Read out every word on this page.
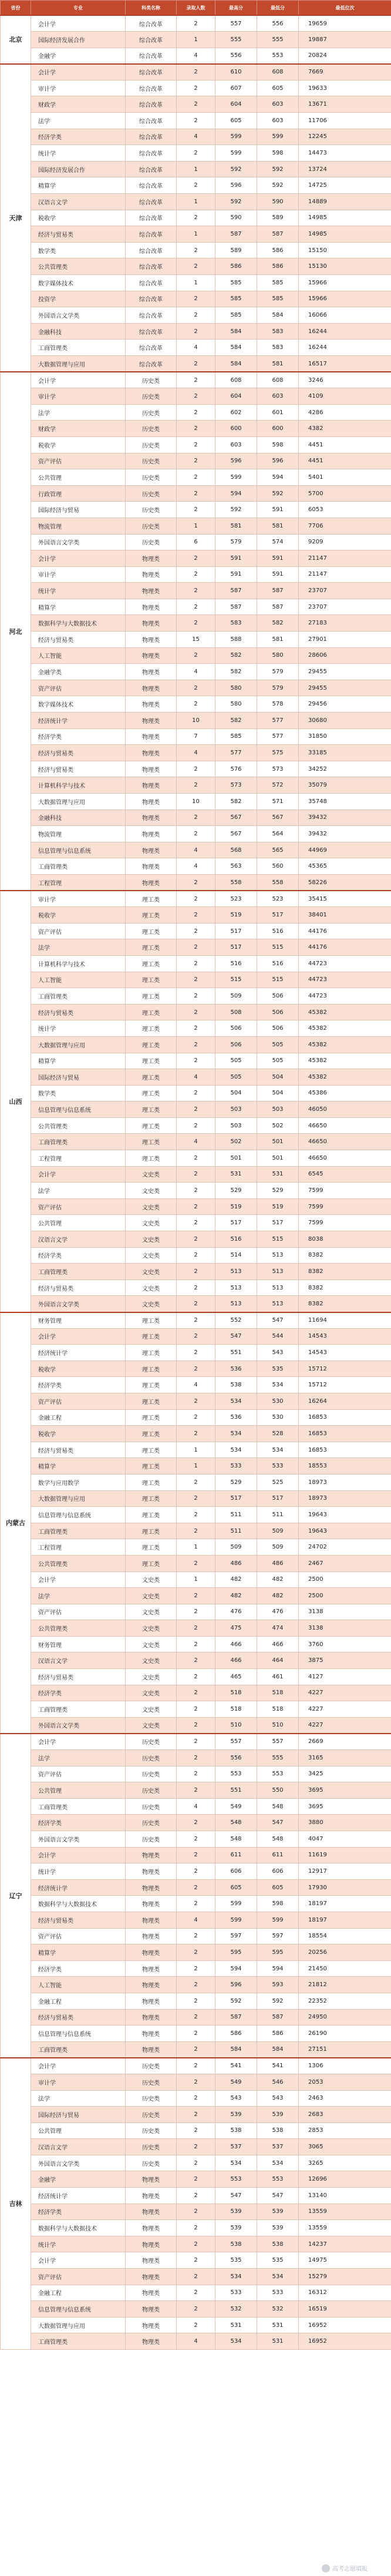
省份	专业	科类名称	录取人数	最高分	最低分	最低位次
北京	会计学	综合改革	2	557	556	19659
	国际经济发展合作	综合改革	1	555	555	19887
	金融学	综合改革	4	556	553	20824
天津	会计学	综合改革	2	610	608	7669
	审计学	综合改革	2	607	605	19633
	财政学	综合改革	2	604	603	13671
	法学	综合改革	2	605	603	11706
	经济学类	综合改革	4	599	599	12245
	统计学	综合改革	2	599	598	14473
	国际经济发展合作	综合改革	1	592	592	13724
	精算学	综合改革	2	596	592	14725
	汉语言文学	综合改革	1	592	590	14889
	税收学	综合改革	2	590	589	14985
	经济与贸易类	综合改革	1	587	587	14985
	数学类	综合改革	2	589	586	15150
	公共管理类	综合改革	2	586	586	15130
	数字媒体技术	综合改革	1	585	585	15966
	投资学	综合改革	2	585	585	15966
	外国语言文学类	综合改革	2	585	584	16066
	金融科技	综合改革	2	584	583	16244
	工商管理类	综合改革	4	584	583	16244
	大数据管理与应用	综合改革	2	584	581	16517
河北	会计学	历史类	2	608	608	3246
	审计学	历史类	2	604	603	4109
	法学	历史类	2	602	601	4286
	财政学	历史类	2	600	600	4382
	税收学	历史类	2	603	598	4451
	资产评估	历史类	2	596	596	4451
	公共管理	历史类	2	599	594	5401
	行政管理	历史类	2	594	592	5700
	国际经济与贸易	历史类	2	592	591	6053
	物流管理	历史类	1	581	581	7706
	外国语言文学类	历史类	6	579	574	9209
	会计学	物理类	2	591	591	21147
	审计学	物理类	2	591	591	21147
	统计学	物理类	2	587	587	23707
	精算学	物理类	2	587	587	23707
	数据科学与大数据技术	物理类	2	583	582	27183
	经济与贸易类	物理类	15	588	581	27901
	人工智能	物理类	2	582	580	28606
	金融学类	物理类	4	582	579	29455
	资产评估	物理类	2	580	579	29455
	数字媒体技术	物理类	2	580	578	29456
	经济统计学	物理类	10	582	577	30680
	经济学类	物理类	7	585	577	31850
	经济与贸易类	物理类	4	577	575	33185
	经济与贸易类	物理类	2	576	573	34252
	计算机科学与技术	物理类	2	573	572	35079
	大数据管理与应用	物理类	10	582	571	35748
	金融科技	物理类	2	567	567	39432
	物流管理	物理类	2	567	564	39432
	信息管理与信息系统	物理类	4	568	565	44969
	工商管理类	物理类	4	563	560	45365
	工程管理	物理类	2	558	558	58226
山西	审计学	理工类	2	523	523	35415
	税收学	理工类	2	519	517	38401
	资产评估	理工类	2	517	516	44176
	法学	理工类	2	517	515	44176
	计算机科学与技术	理工类	2	516	516	44723
	人工智能	理工类	2	515	515	44723
	工商管理类	理工类	2	509	506	44723
	经济与贸易类	理工类	2	508	506	45382
	统计学	理工类	2	506	506	45382
	大数据管理与应用	理工类	2	506	505	45382
	精算学	理工类	2	505	505	45382
	国际经济与贸易	理工类	4	505	504	45382
	数学类	理工类	2	504	504	45386
	信息管理与信息系统	理工类	2	503	503	46050
	公共管理类	理工类	2	503	502	46650
	工商管理类	理工类	4	502	501	46650
	工程管理	理工类	2	501	501	46650
	会计学	文史类	2	531	531	6545
	法学	文史类	2	529	529	7599
	资产评估	文史类	2	519	519	7599
	公共管理	文史类	2	517	517	7599
	汉语言文学	文史类	2	516	515	8038
	经济学类	文史类	2	514	513	8382
	工商管理类	文史类	2	513	513	8382
	经济与贸易类	文史类	2	513	513	8382
	外国语言文学类	文史类	2	513	513	8382
内蒙古	财务管理	理工类	2	552	547	11694
	会计学	理工类	2	547	544	14543
	经济统计学	理工类	2	551	543	14543
	税收学	理工类	2	536	535	15712
	经济学类	理工类	4	538	534	15712
	资产评估	理工类	2	534	530	16264
	金融工程	理工类	2	536	530	16853
	税收学	理工类	2	534	528	16853
	经济与贸易类	理工类	1	534	534	16853
	精算学	理工类	1	533	533	18553
	数学与应用数学	理工类	2	529	525	18973
	大数据管理与应用	理工类	2	517	517	18973
	信息管理与信息系统	理工类	2	511	511	19643
	工商管理类	理工类	2	511	509	19643
	工程管理	理工类	1	509	509	24702
	公共管理类	理工类	2	486	486	2467
	会计学	文史类	1	482	482	2500
	法学	文史类	2	482	482	2500
	资产评估	文史类	2	476	476	3138
	公共管理类	文史类	2	475	474	3138
	财务管理	文史类	2	466	466	3760
	汉语言文学	文史类	2	466	464	3875
	经济与贸易类	文史类	2	465	461	4127
	经济学类	文史类	2	518	518	4227
	工商管理类	文史类	2	518	518	4227
	外国语言文学类	文史类	2	510	510	4227
辽宁	会计学	历史类	2	557	557	2669
	法学	历史类	2	556	555	3165
	资产评估	历史类	2	553	553	3425
	公共管理	历史类	2	551	550	3695
	工商管理类	历史类	4	549	548	3695
	经济学类	历史类	2	548	547	3880
	外国语言文学类	历史类	2	548	548	4047
	会计学	物理类	2	611	611	11619
	统计学	物理类	2	606	606	12917
	经济统计学	物理类	2	605	605	17930
	数据科学与大数据技术	物理类	2	599	598	18197
	经济与贸易类	物理类	4	599	599	18197
	资产评估	物理类	2	597	597	18554
	精算学	物理类	2	595	595	20256
	经济学类	物理类	2	594	594	21450
	人工智能	物理类	2	596	593	21812
	金融工程	物理类	2	592	592	22352
	经济与贸易类	物理类	2	587	587	24950
	信息管理与信息系统	物理类	2	586	586	26190
	工商管理类	物理类	2	584	584	27151
吉林	会计学	历史类	2	541	541	1306
	审计学	历史类	2	549	546	2053
	法学	历史类	2	543	543	2463
	国际经济与贸易	历史类	2	539	539	2683
	公共管理	历史类	2	538	538	2853
	汉语言文学	历史类	2	537	537	3065
	外国语言文学类	历史类	2	534	534	3265
	金融学	物理类	2	553	553	12696
	经济统计学	物理类	2	547	547	13140
	经济学类	物理类	2	539	539	13559
	数据科学与大数据技术	物理类	2	539	539	13559
	统计学	物理类	2	538	538	14237
	会计学	物理类	2	535	535	14975
	资产评估	物理类	2	534	534	15279
	金融工程	物理类	2	533	533	16312
	信息管理与信息系统	物理类	2	532	532	16519
	大数据管理与应用	物理类	2	531	531	16952
	工商管理类	物理类	4	534	531	16952
高考志愿填报
